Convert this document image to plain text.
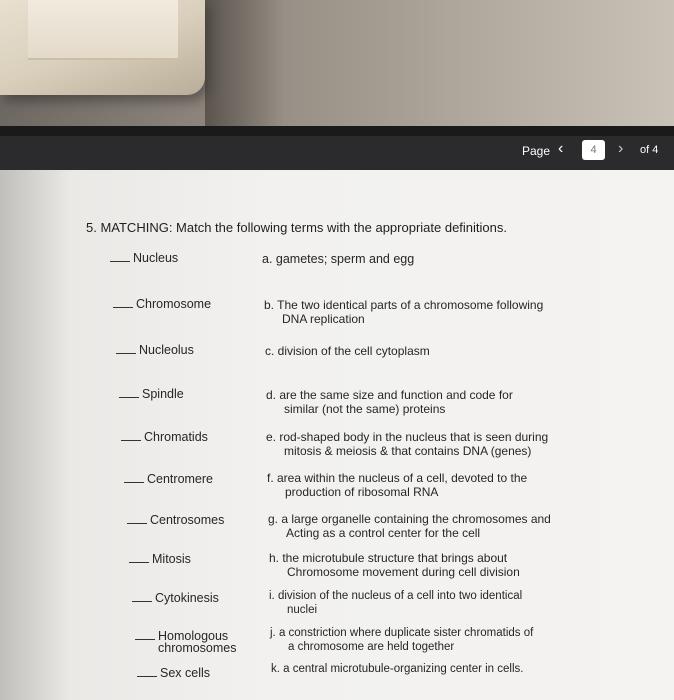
Page ‹	4	› of 4
5. MATCHING: Match the following terms with the appropriate definitions.
Nucleus
Chromosome
Nucleolus
Spindle
Chromatids
Centromere
Centrosomes
Mitosis
Cytokinesis
Homologous
chromosomes
Sex cells
a. gametes; sperm and egg
b. The two identical parts of a chromosome following
DNA replication
c. division of the cell cytoplasm
d. are the same size and function and code for
similar (not the same) proteins
e. rod-shaped body in the nucleus that is seen during
mitosis & meiosis & that contains DNA (genes)
f. area within the nucleus of a cell, devoted to the
production of ribosomal RNA
g. a large organelle containing the chromosomes and
Acting as a control center for the cell
h. the microtubule structure that brings about
Chromosome movement during cell division
i. division of the nucleus of a cell into two identical
nuclei
j. a constriction where duplicate sister chromatids of
a chromosome are held together
k. a central microtubule-organizing center in cells.
